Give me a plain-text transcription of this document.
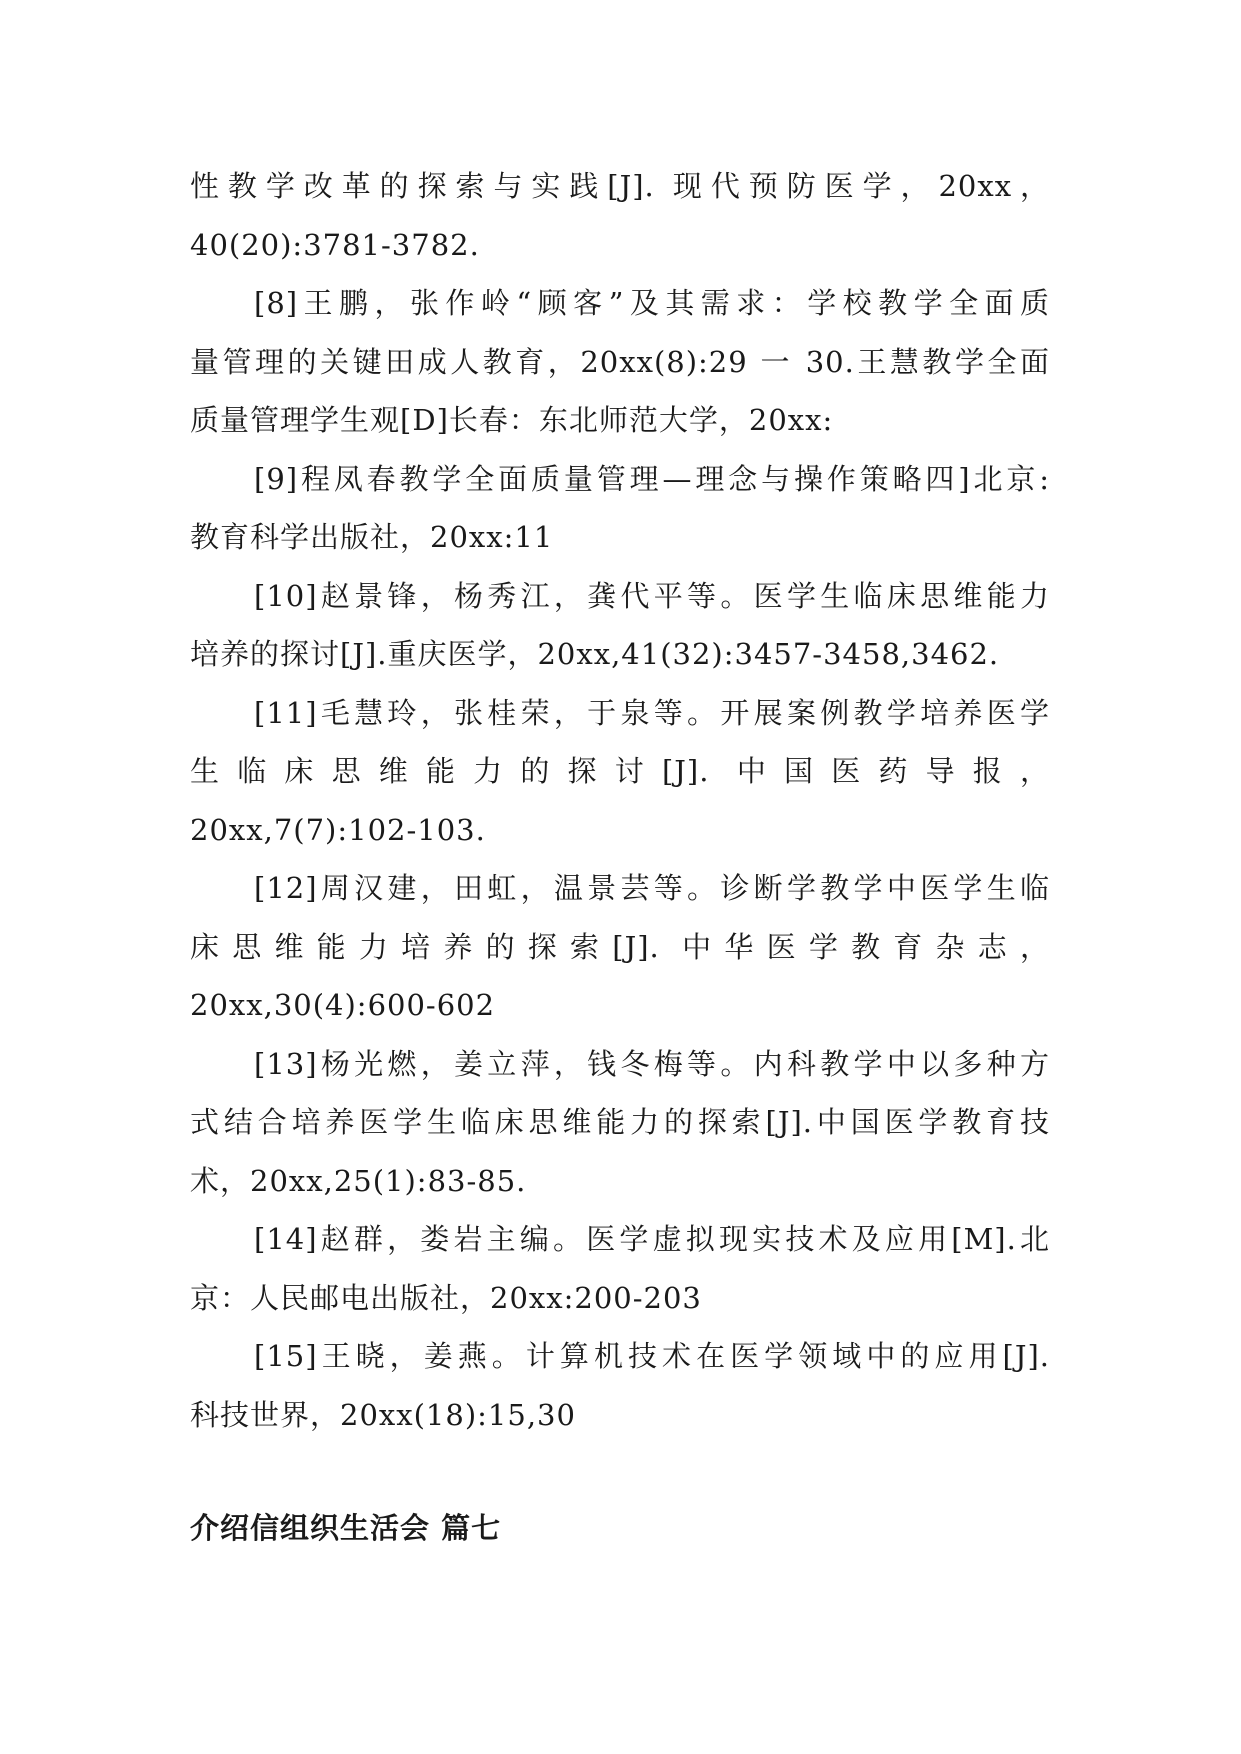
性教学改革的探索与实践[J]. 现代预防医学，20xx，
40(20):3781-3782.

[8]王鹏，张作岭“顾客”及其需求：学校教学全面质
量管理的关键田成人教育，20xx(8):29 一 30.王慧教学全面
质量管理学生观[D]长春：东北师范大学，20xx:

[9]程凤春教学全面质量管理—理念与操作策略四]北京:
教育科学出版社，20xx:11

[10]赵景锋，杨秀江，龚代平等。医学生临床思维能力
培养的探讨[J].重庆医学，20xx,41(32):3457-3458,3462.

[11]毛慧玲，张桂荣，于泉等。开展案例教学培养医学
生临床思维能力的探讨[J]. 中国医药导报，
20xx,7(7):102-103.

[12]周汉建，田虹，温景芸等。诊断学教学中医学生临
床思维能力培养的探索[J]. 中华医学教育杂志，
20xx,30(4):600-602

[13]杨光燃，姜立萍，钱冬梅等。内科教学中以多种方
式结合培养医学生临床思维能力的探索[J].中国医学教育技
术，20xx,25(1):83-85.

[14]赵群，娄岩主编。医学虚拟现实技术及应用[M].北
京：人民邮电出版社，20xx:200-203

[15]王晓，姜燕。计算机技术在医学领域中的应用[J].
科技世界，20xx(18):15,30

介绍信组织生活会 篇七
